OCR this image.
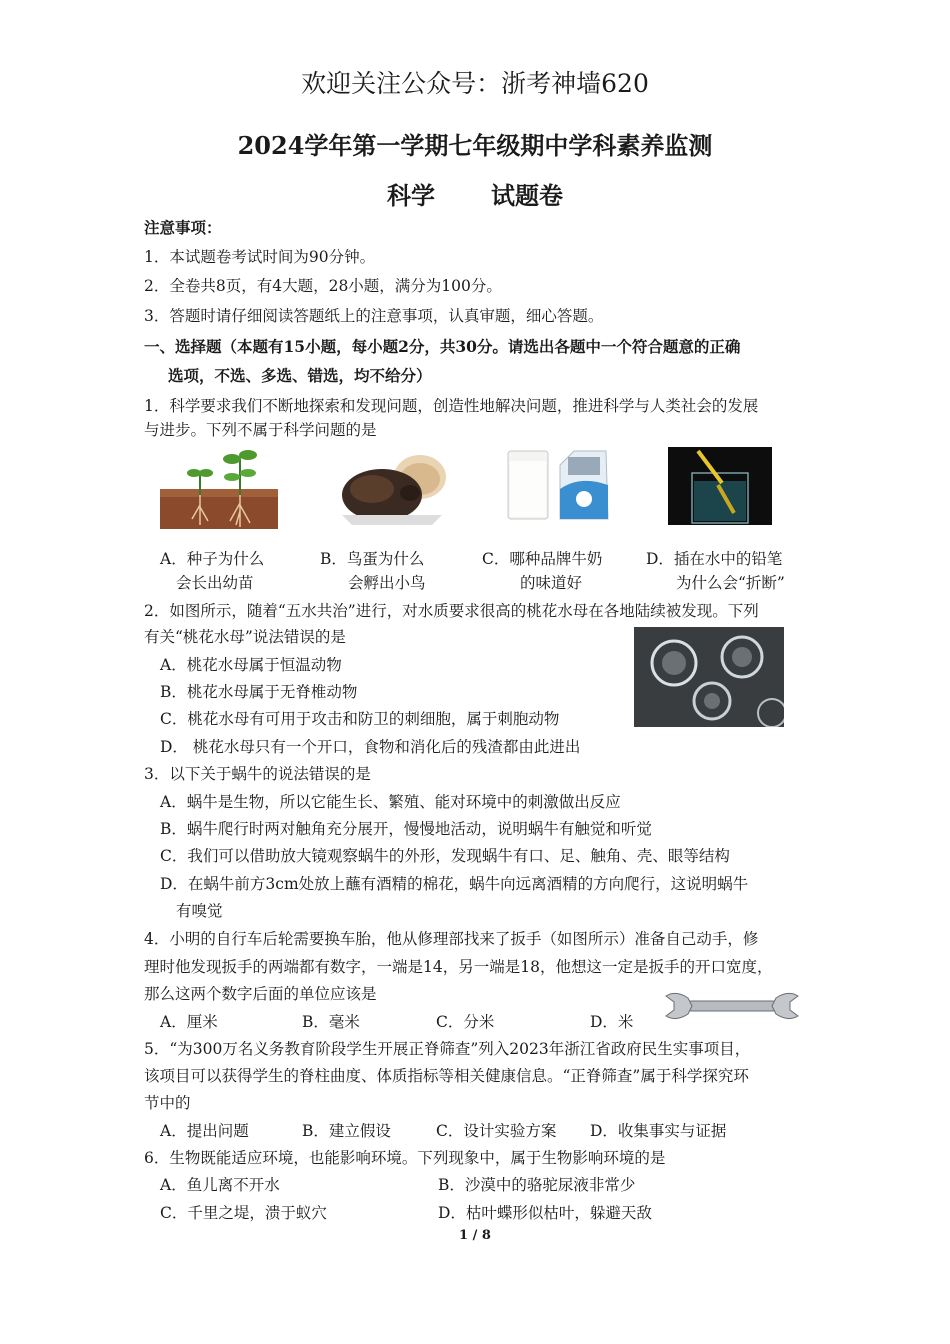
欢迎关注公众号：浙考神墙620
2024学年第一学期七年级期中学科素养监测
科学 试题卷
注意事项：
1．本试题卷考试时间为90分钟。
2．全卷共8页，有4大题，28小题，满分为100分。
3．答题时请仔细阅读答题纸上的注意事项，认真审题，细心答题。
一、选择题（本题有15小题，每小题2分，共30分。请选出各题中一个符合题意的正确
选项，不选、多选、错选，均不给分）
1．科学要求我们不断地探索和发现问题，创造性地解决问题，推进科学与人类社会的发展
与进步。下列不属于科学问题的是
A．种子为什么
会长出幼苗
B．鸟蛋为什么
会孵出小鸟
C．哪种品牌牛奶
的味道好
D．插在水中的铅笔
为什么会“折断”
2．如图所示，随着“五水共治”进行，对水质要求很高的桃花水母在各地陆续被发现。下列
有关“桃花水母”说法错误的是
A．桃花水母属于恒温动物
B．桃花水母属于无脊椎动物
C．桃花水母有可用于攻击和防卫的刺细胞，属于刺胞动物
D． 桃花水母只有一个开口，食物和消化后的残渣都由此进出
3．以下关于蜗牛的说法错误的是
A．蜗牛是生物，所以它能生长、繁殖、能对环境中的刺激做出反应
B．蜗牛爬行时两对触角充分展开，慢慢地活动，说明蜗牛有触觉和听觉
C．我们可以借助放大镜观察蜗牛的外形，发现蜗牛有口、足、触角、壳、眼等结构
D．在蜗牛前方3cm处放上蘸有酒精的棉花，蜗牛向远离酒精的方向爬行，这说明蜗牛
有嗅觉
4．小明的自行车后轮需要换车胎，他从修理部找来了扳手（如图所示）准备自己动手，修
理时他发现扳手的两端都有数字，一端是14，另一端是18，他想这一定是扳手的开口宽度，
那么这两个数字后面的单位应该是
A．厘米	B．毫米	C．分米	D．米
5．“为300万名义务教育阶段学生开展正脊筛查”列入2023年浙江省政府民生实事项目，
该项目可以获得学生的脊柱曲度、体质指标等相关健康信息。“正脊筛查”属于科学探究环
节中的
A．提出问题	B．建立假设	C．设计实验方案 D．收集事实与证据
6．生物既能适应环境，也能影响环境。下列现象中，属于生物影响环境的是
A．鱼儿离不开水	B．沙漠中的骆驼尿液非常少
C．千里之堤，溃于蚁穴	D．枯叶蝶形似枯叶，躲避天敌
1 / 8
